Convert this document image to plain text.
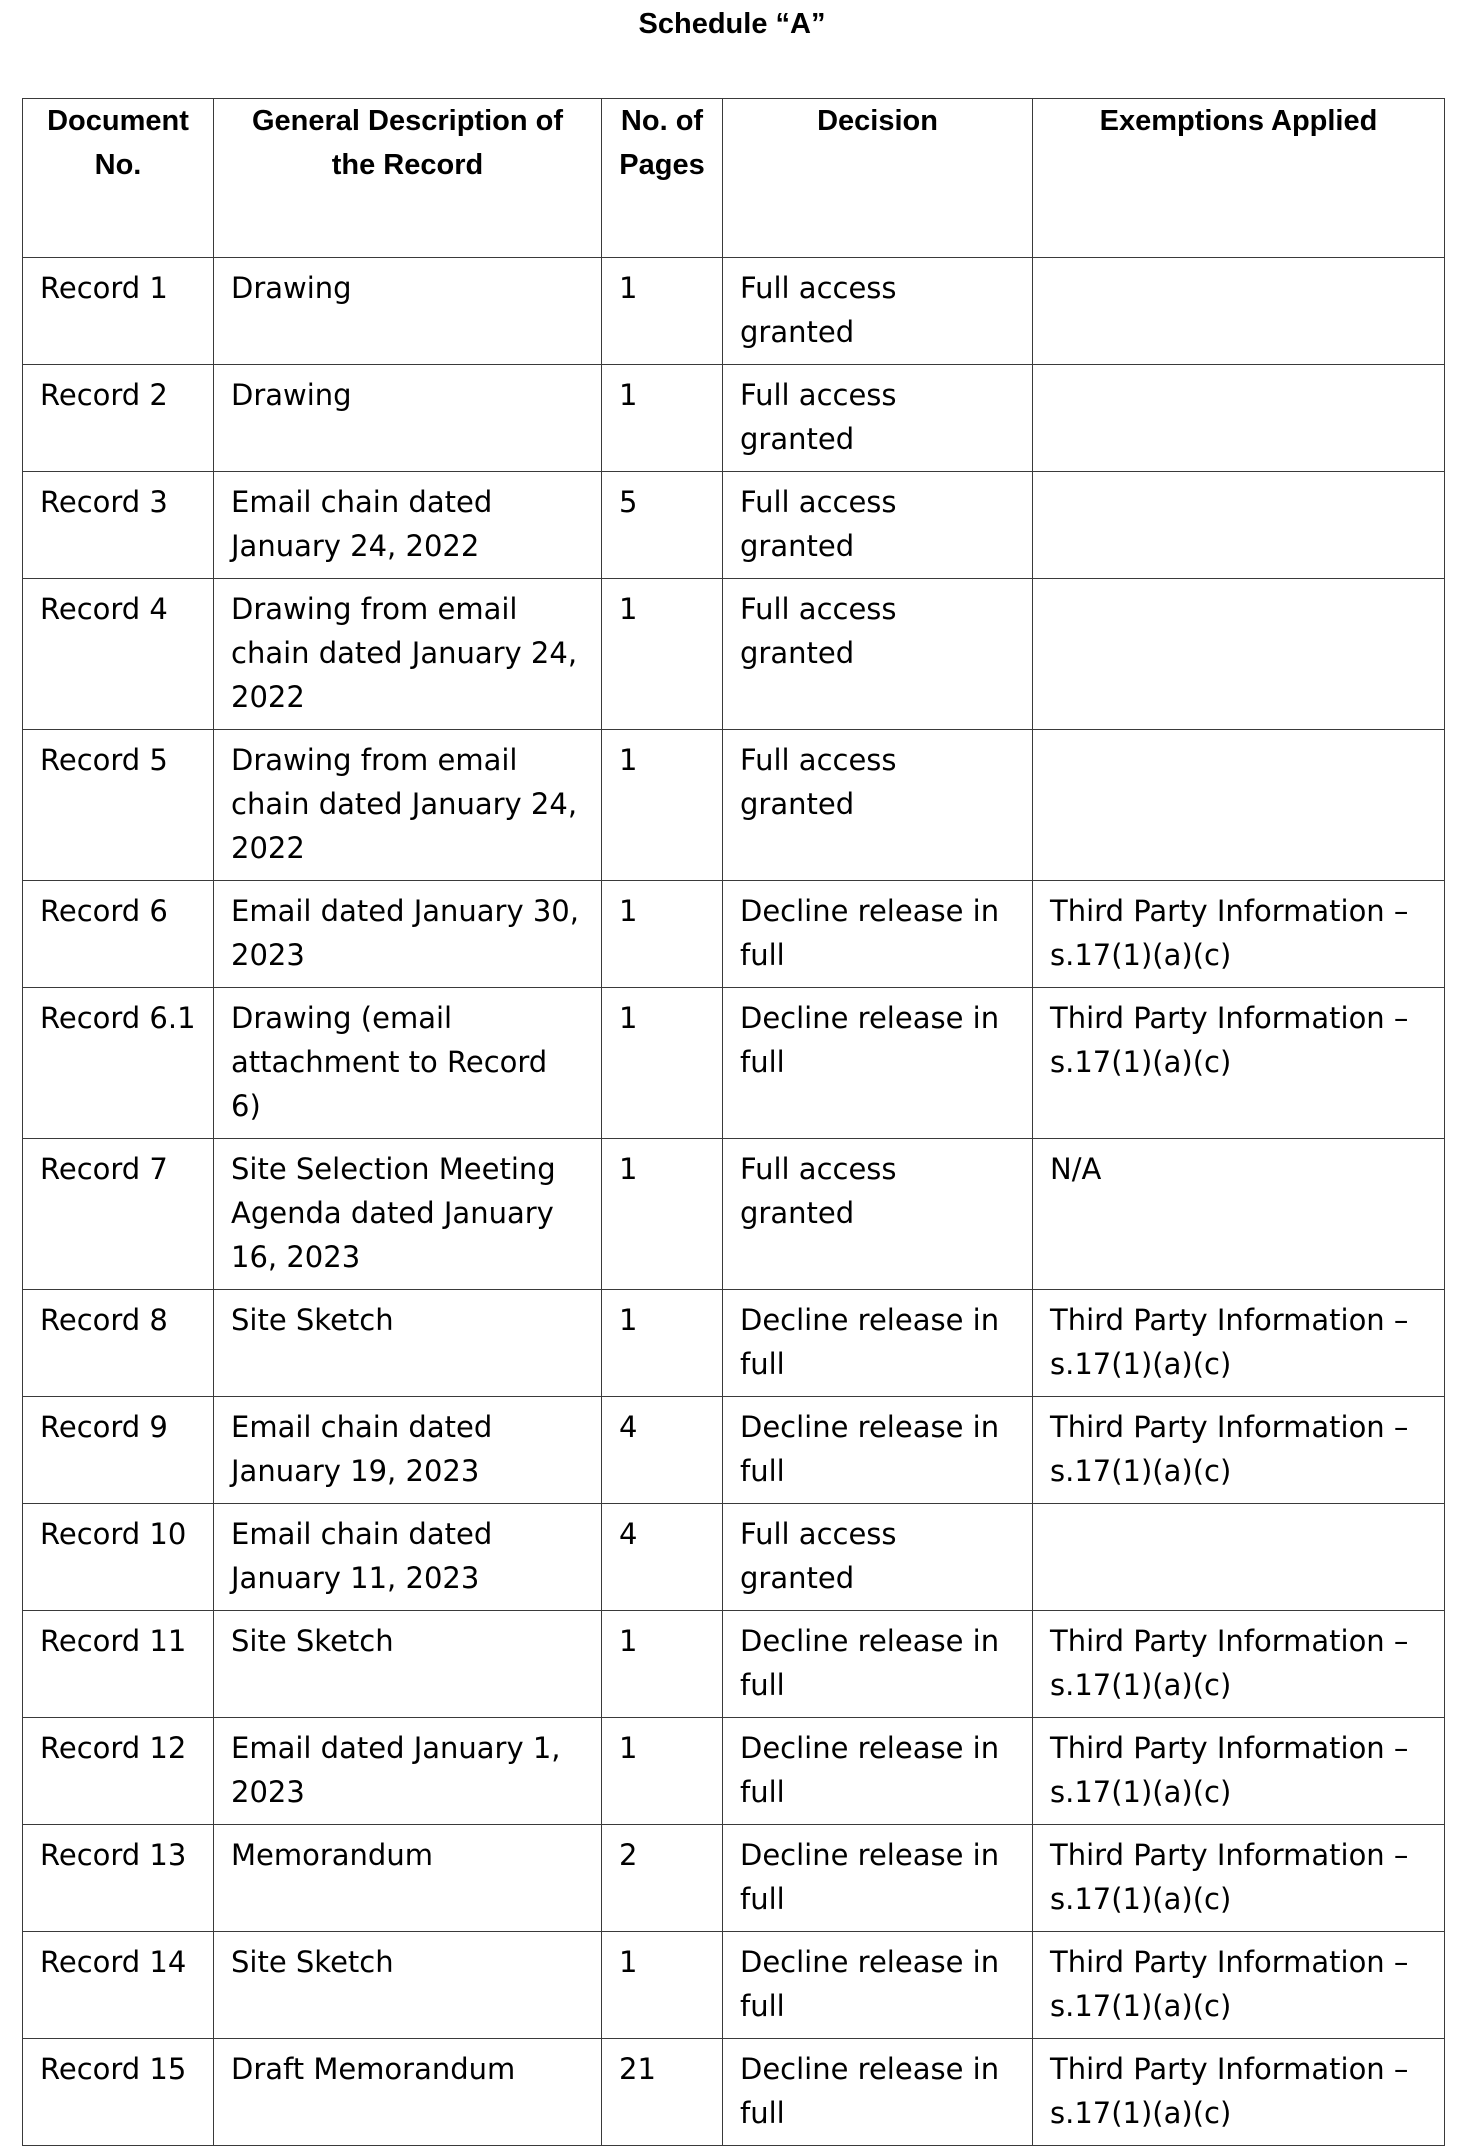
Schedule “A”
Document No.	General Description of the Record	No. of Pages	Decision	Exemptions Applied
Record 1	Drawing	1	Full access granted	
Record 2	Drawing	1	Full access granted	
Record 3	Email chain dated January 24, 2022	5	Full access granted	
Record 4	Drawing from email chain dated January 24, 2022	1	Full access granted	
Record 5	Drawing from email chain dated January 24, 2022	1	Full access granted	
Record 6	Email dated January 30, 2023	1	Decline release in full	Third Party Information – s.17(1)(a)(c)
Record 6.1	Drawing (email attachment to Record 6)	1	Decline release in full	Third Party Information – s.17(1)(a)(c)
Record 7	Site Selection Meeting Agenda dated January 16, 2023	1	Full access granted	N/A
Record 8	Site Sketch	1	Decline release in full	Third Party Information – s.17(1)(a)(c)
Record 9	Email chain dated January 19, 2023	4	Decline release in full	Third Party Information – s.17(1)(a)(c)
Record 10	Email chain dated January 11, 2023	4	Full access granted	
Record 11	Site Sketch	1	Decline release in full	Third Party Information – s.17(1)(a)(c)
Record 12	Email dated January 1, 2023	1	Decline release in full	Third Party Information – s.17(1)(a)(c)
Record 13	Memorandum	2	Decline release in full	Third Party Information – s.17(1)(a)(c)
Record 14	Site Sketch	1	Decline release in full	Third Party Information – s.17(1)(a)(c)
Record 15	Draft Memorandum	21	Decline release in full	Third Party Information – s.17(1)(a)(c)
